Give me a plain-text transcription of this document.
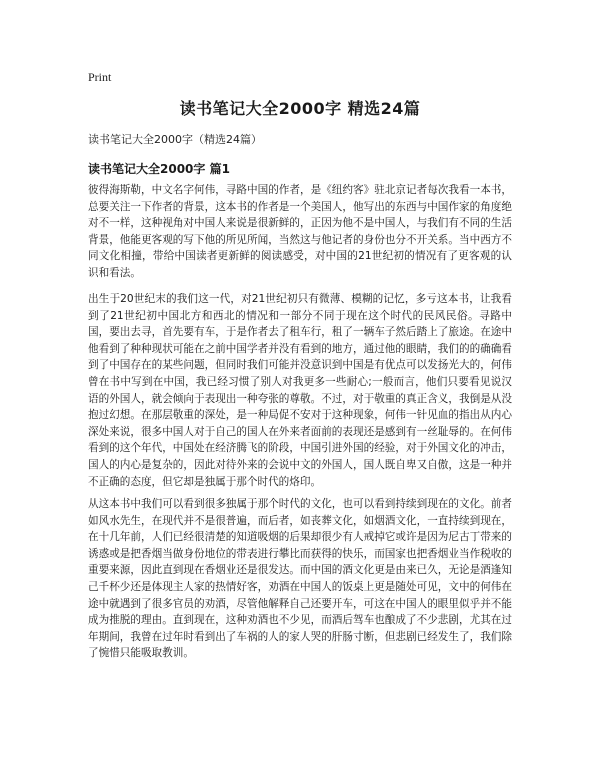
Print
读书笔记大全2000字 精选24篇
读书笔记大全2000字（精选24篇）
读书笔记大全2000字 篇1

彼得海斯勒，中文名字何伟，寻路中国的作者，是《纽约客》驻北京记者每次我看一本书，总要关注一下作者的背景，这本书的作者是一个美国人，他写出的东西与中国作家的角度绝对不一样，这种视角对中国人来说是很新鲜的，正因为他不是中国人，与我们有不同的生活背景，他能更客观的写下他的所见所闻，当然这与他记者的身份也分不开关系。当中西方不同文化相撞，带给中国读者更新鲜的阅读感受，对中国的21世纪初的情况有了更客观的认识和看法。

出生于20世纪末的我们这一代，对21世纪初只有微薄、模糊的记忆，多亏这本书，让我看到了21世纪初中国北方和西北的情况和一部分不同于现在这个时代的民风民俗。寻路中国，要出去寻，首先要有车，于是作者去了租车行，租了一辆车子然后踏上了旅途。在途中他看到了种种现状可能在之前中国学者并没有看到的地方，通过他的眼睛，我们的的确确看到了中国存在的某些问题，但同时我们可能并没意识到中国是有优点可以发扬光大的，何伟曾在书中写到在中国，我已经习惯了别人对我更多一些耐心;一般而言，他们只要看见说汉语的外国人，就会倾向于表现出一种夸张的尊敬。不过，对于敬重的真正含义，我倒是从没抱过幻想。在那层敬重的深处，是一种局促不安对于这种现象，何伟一针见血的指出从内心深处来说，很多中国人对于自己的国人在外来者面前的表现还是感到有一丝耻辱的。在何伟看到的这个年代，中国处在经济腾飞的阶段，中国引进外国的经验，对于外国文化的冲击，国人的内心是复杂的，因此对待外来的会说中文的外国人，国人既自卑又自傲，这是一种并不正确的态度，但它却是独属于那个时代的烙印。

从这本书中我们可以看到很多独属于那个时代的文化，也可以看到持续到现在的文化。前者如风水先生，在现代并不是很普遍，而后者，如丧葬文化，如烟酒文化，一直持续到现在，在十几年前，人们已经很清楚的知道吸烟的后果却很少有人戒掉它或许是因为尼古丁带来的诱惑或是把香烟当做身份地位的带表进行攀比而获得的快乐，而国家也把香烟业当作税收的重要来源，因此直到现在香烟业还是很发达。而中国的酒文化更是由来已久，无论是酒逢知己千杯少还是体现主人家的热情好客，劝酒在中国人的饭桌上更是随处可见，文中的何伟在途中就遇到了很多官员的劝酒，尽管他解释自己还要开车，可这在中国人的眼里似乎并不能成为推脱的理由。直到现在，这种劝酒也不少见，而酒后驾车也酿成了不少悲剧，尤其在过年期间，我曾在过年时看到出了车祸的人的家人哭的肝肠寸断，但悲剧已经发生了，我们除了惋惜只能吸取教训。
